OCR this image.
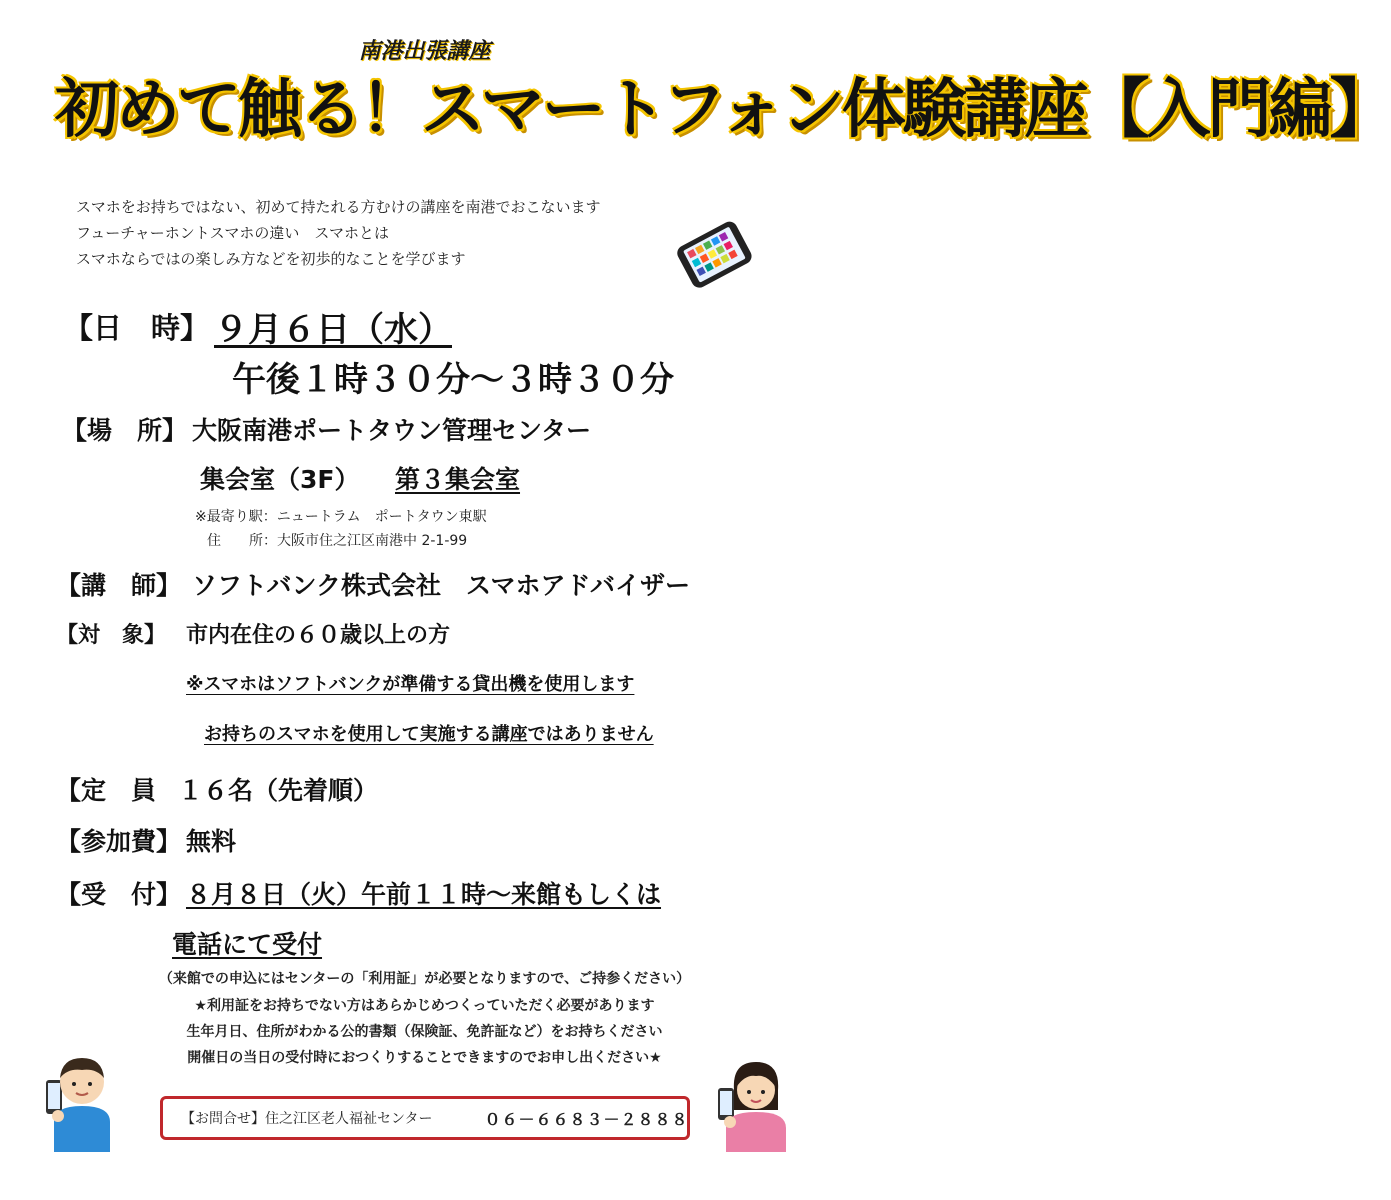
南港出張講座
初めて触る！スマートフォン体験講座【入門編】
スマホをお持ちではない、初めて持たれる方むけの講座を南港でおこないます
フューチャーホントスマホの違い　スマホとは
スマホならではの楽しみ方などを初歩的なことを学びます
【日　時】 ９月６日（水）
午後１時３０分〜３時３０分
【場　所】 大阪南港ポートタウン管理センター
集会室（3F） 第３集会室
※最寄り駅：ニュートラム　ポートタウン東駅
住　　所：大阪市住之江区南港中 2-1-99
【講　師】 ソフトバンク株式会社　スマホアドバイザー
【対　象】 市内在住の６０歳以上の方
※スマホはソフトバンクが準備する貸出機を使用します
お持ちのスマホを使用して実施する講座ではありません
【定　員 １６名（先着順）
【参加費】 無料
【受　付】 ８月８日（火）午前１１時〜来館もしくは
電話にて受付
（来館での申込にはセンターの「利用証」が必要となりますので、ご持参ください）
★利用証をお持ちでない方はあらかじめつくっていただく必要があります
生年月日、住所がわかる公的書類（保険証、免許証など）をお持ちください
開催日の当日の受付時におつくりすることできますのでお申し出ください★
【お問合せ】住之江区老人福祉センター	０６－６６８３－２８８８
